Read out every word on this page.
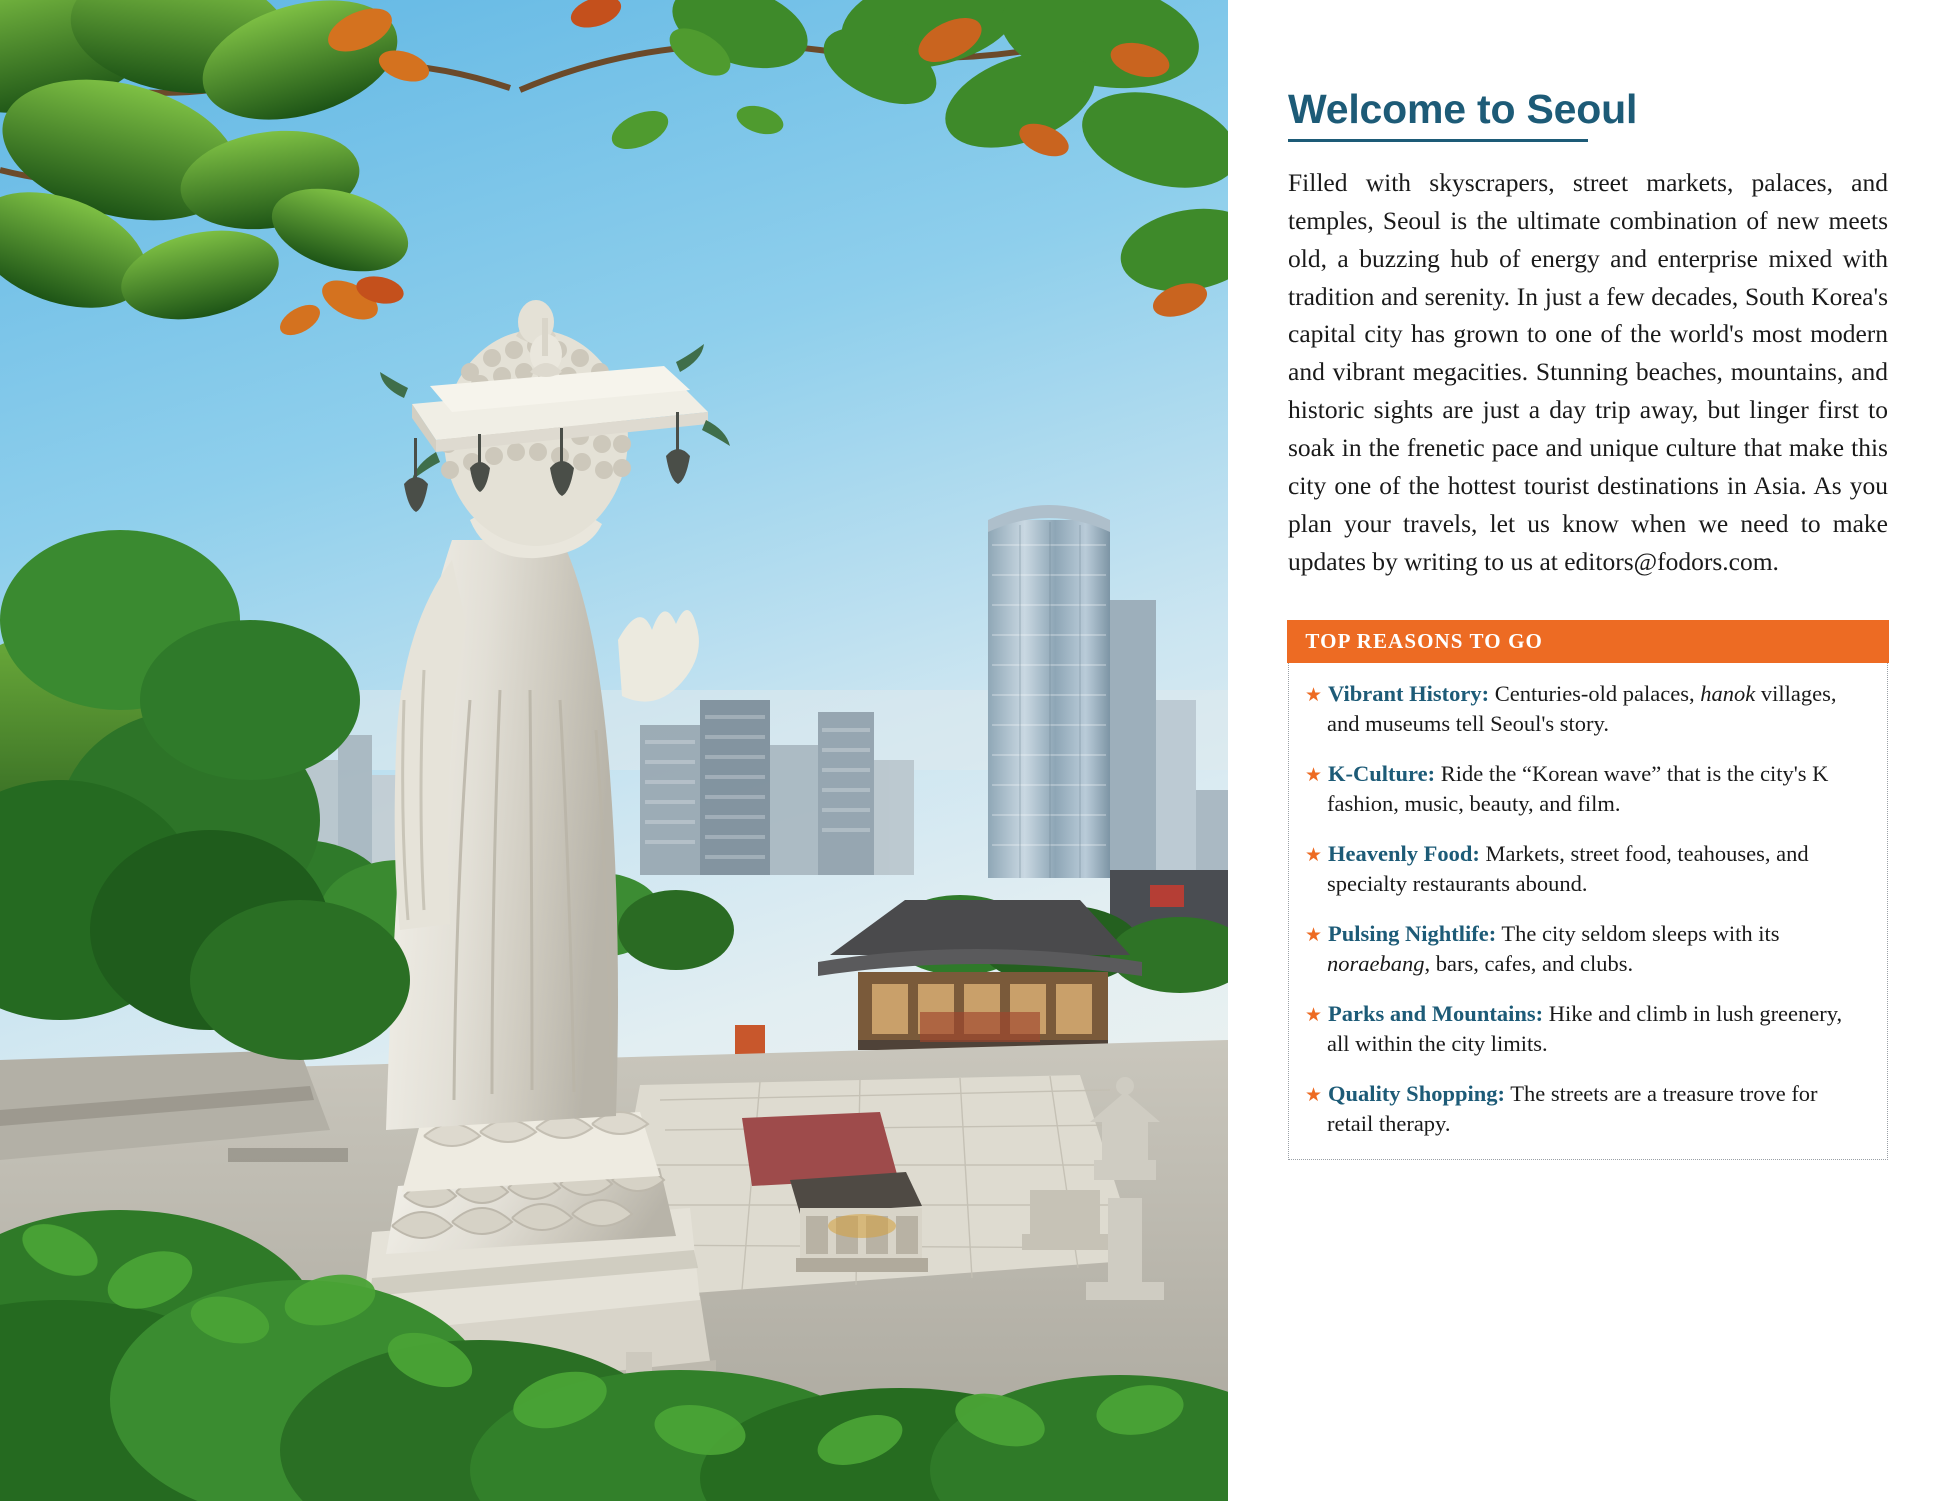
Welcome to Seoul

Filled with skyscrapers, street markets, palaces, and temples, Seoul is the ultimate combination of new meets old, a buzzing hub of energy and enterprise mixed with tradition and serenity. In just a few decades, South Korea's capital city has grown to one of the world's most modern and vibrant megacities. Stunning beaches, mountains, and historic sights are just a day trip away, but linger first to soak in the frenetic pace and unique culture that make this city one of the hottest tourist destinations in Asia. As you plan your travels, let us know when we need to make updates by writing to us at editors@fodors.com.

TOP REASONS TO GO
★ Vibrant History: Centuries-old palaces, hanok villages, and museums tell Seoul's story.
★ K-Culture: Ride the “Korean wave” that is the city's K fashion, music, beauty, and film.
★ Heavenly Food: Markets, street food, teahouses, and specialty restaurants abound.
★ Pulsing Nightlife: The city seldom sleeps with its noraebang, bars, cafes, and clubs.
★ Parks and Mountains: Hike and climb in lush greenery, all within the city limits.
★ Quality Shopping: The streets are a treasure trove for retail therapy.
